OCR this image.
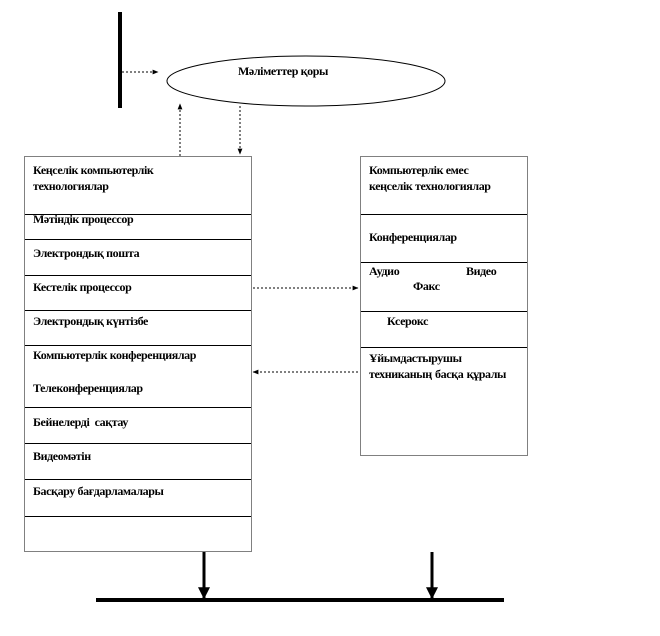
Мәліметтер қоры
Кеңселік компьютерлік технологиялар
Мәтіндік процессор
Электрондық пошта
Кестелік процессор
Электрондық күнтізбе
Компьютерлік конференциялар
Телеконференциялар
Бейнелерді  сақтау
Видеомәтін
Басқару бағдарламалары
Компьютерлік емес кеңселік технологиялар
Конференциялар
Аудио	Видео
Факс
Ксерокс
Ұйымдастырушы техниканың басқа құралы
